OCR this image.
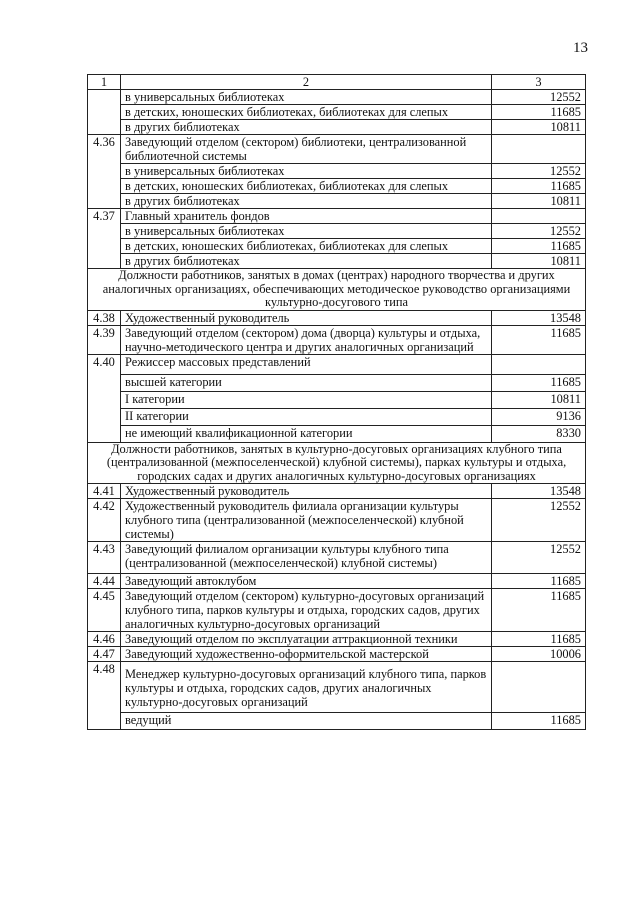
13
1	2	3
	в универсальных библиотеках	12552
	в детских, юношеских библиотеках, библиотеках для слепых	11685
	в других библиотеках	10811
4.36	Заведующий отделом (сектором) библиотеки, централизованной библиотечной системы	
	в универсальных библиотеках	12552
	в детских, юношеских библиотеках, библиотеках для слепых	11685
	в других библиотеках	10811
4.37	Главный хранитель фондов	
	в универсальных библиотеках	12552
	в детских, юношеских библиотеках, библиотеках для слепых	11685
	в других библиотеках	10811
Должности работников, занятых в домах (центрах) народного творчества и других аналогичных организациях, обеспечивающих методическое руководство организациями культурно-досугового типа		
4.38	Художественный руководитель	13548
4.39	Заведующий отделом (сектором) дома (дворца) культуры и отдыха, научно-методического центра и других аналогичных организаций	11685
4.40	Режиссер массовых представлений	
	высшей категории	11685
	I категории	10811
	II категории	9136
	не имеющий квалификационной категории	8330
Должности работников, занятых в культурно-досуговых организациях клубного типа (централизованной (межпоселенческой) клубной системы), парках культуры и отдыха, городских садах и других аналогичных культурно-досуговых организациях		
4.41	Художественный руководитель	13548
4.42	Художественный руководитель филиала организации культуры клубного типа (централизованной (межпоселенческой) клубной системы)	12552
4.43	Заведующий филиалом организации культуры клубного типа (централизованной (межпоселенческой) клубной системы)	12552
4.44	Заведующий автоклубом	11685
4.45	Заведующий отделом (сектором) культурно-досуговых организаций клубного типа, парков культуры и отдыха, городских садов, других аналогичных культурно-досуговых организаций	11685
4.46	Заведующий отделом по эксплуатации аттракционной техники	11685
4.47	Заведующий художественно-оформительской мастерской	10006
4.48	Менеджер культурно-досуговых организаций клубного типа, парков культуры и отдыха, городских садов, других аналогичных культурно-досуговых организаций	
	ведущий	11685
